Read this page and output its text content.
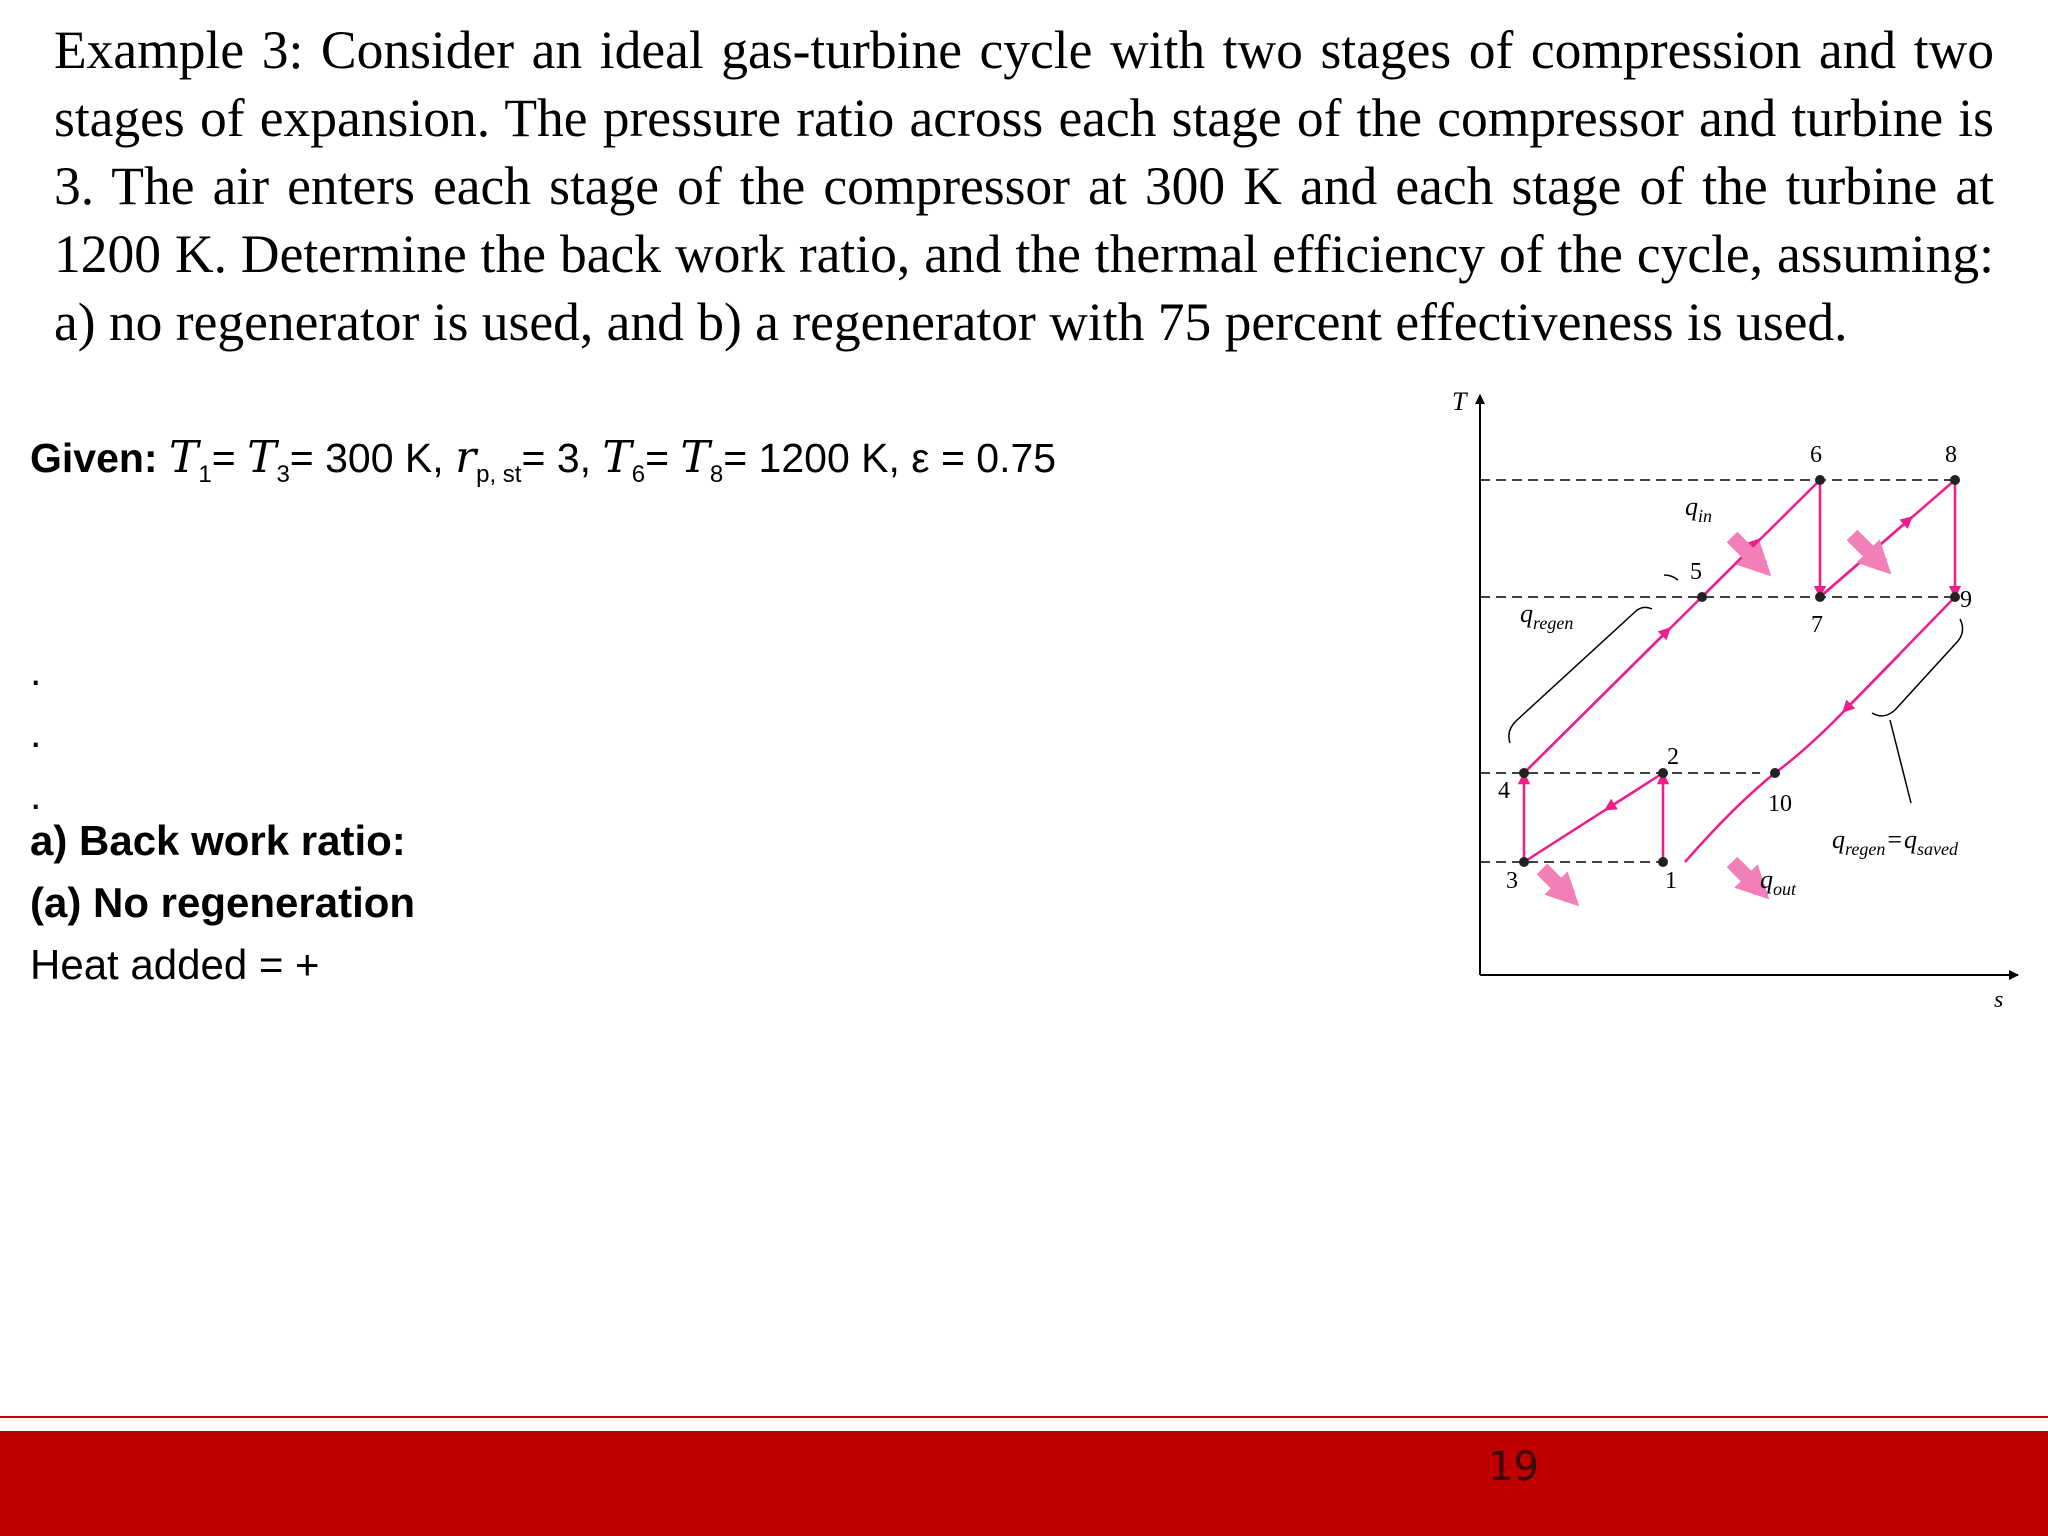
Example 3: Consider an ideal gas-turbine cycle with two stages of compression and two stages of expansion. The pressure ratio across each stage of the compressor and turbine is 3. The air enters each stage of the compressor at 300 K and each stage of the turbine at 1200 K. Determine the back work ratio, and the thermal efficiency of the cycle, assuming: a) no regenerator is used, and b) a regenerator with 75 percent effectiveness is used.

Given: $T_1= T_3= 300$ K, $r_{p, st}= 3$, $T_6= T_8= 1200$ K, ε = 0.75
.
.
.
a) Back work ratio:
(a) No regeneration
Heat added = +
T
s
1
2
3
4
5
6
7
8
9
10
$q_{in}$
$q_{regen}$
$q_{out}$
$q_{regen}=q_{saved}$
19
